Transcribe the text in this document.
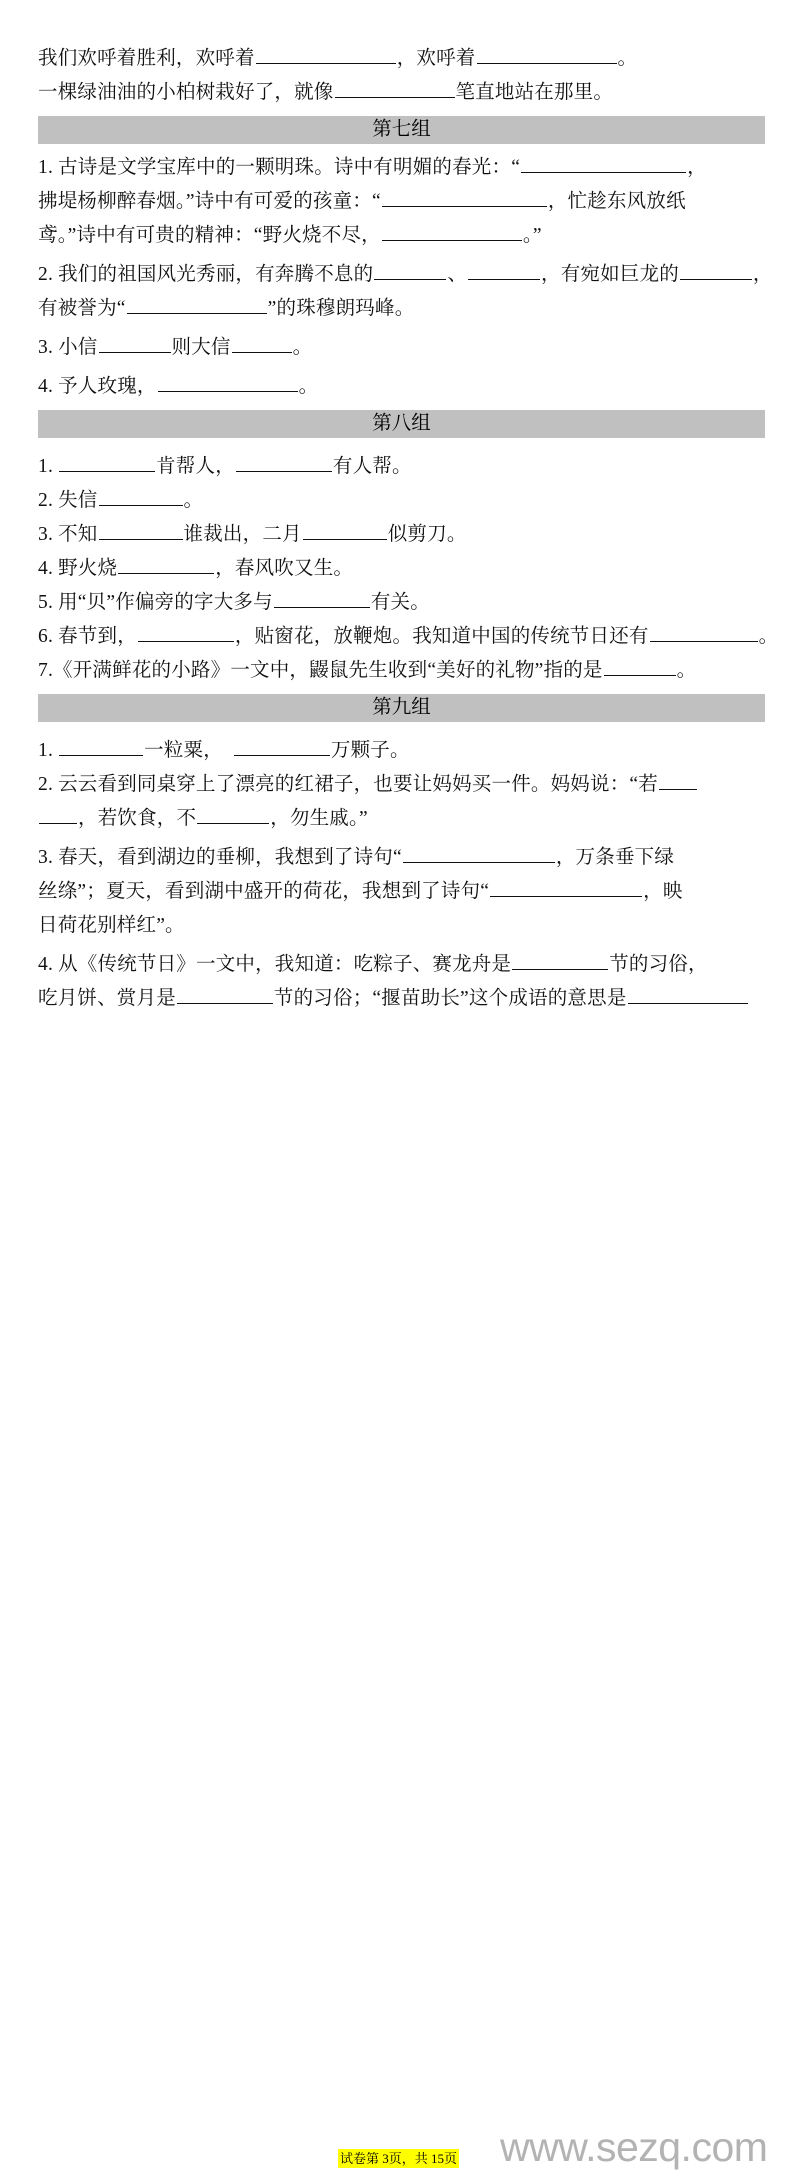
我们欢呼着胜利，欢呼着	，欢呼着	。
一棵绿油油的小柏树栽好了，就像	笔直地站在那里。
第七组
1. 古诗是文学宝库中的一颗明珠。诗中有明媚的春光：“	，
拂堤杨柳醉春烟。”诗中有可爱的孩童：“	，忙趁东风放纸
鸢。”诗中有可贵的精神：“野火烧不尽，	。”
2. 我们的祖国风光秀丽，有奔腾不息的	、	，有宛如巨龙的	，
有被誉为“	”的珠穆朗玛峰。
3. 小信	则大信	。
4. 予人玫瑰，	。
第八组
1.	肯帮人，	有人帮。
2. 失信	。
3. 不知	谁裁出，二月	似剪刀。
4. 野火烧	，春风吹又生。
5. 用“贝”作偏旁的字大多与	有关。
6. 春节到，	，贴窗花，放鞭炮。我知道中国的传统节日还有	。
7.《开满鲜花的小路》一文中，鼹鼠先生收到“美好的礼物”指的是	。
第九组
1.	一粒粟，　	万颗子。
2. 云云看到同桌穿上了漂亮的红裙子，也要让妈妈买一件。妈妈说：“若
，若饮食，不	，勿生戚。”
3. 春天，看到湖边的垂柳，我想到了诗句“	，万条垂下绿
丝绦”；夏天，看到湖中盛开的荷花，我想到了诗句“	，映
日荷花别样红”。
4. 从《传统节日》一文中，我知道：吃粽子、赛龙舟是	节的习俗，
吃月饼、赏月是	节的习俗；“揠苗助长”这个成语的意思是
试卷第 3页，共 15页 www.sezq.com
